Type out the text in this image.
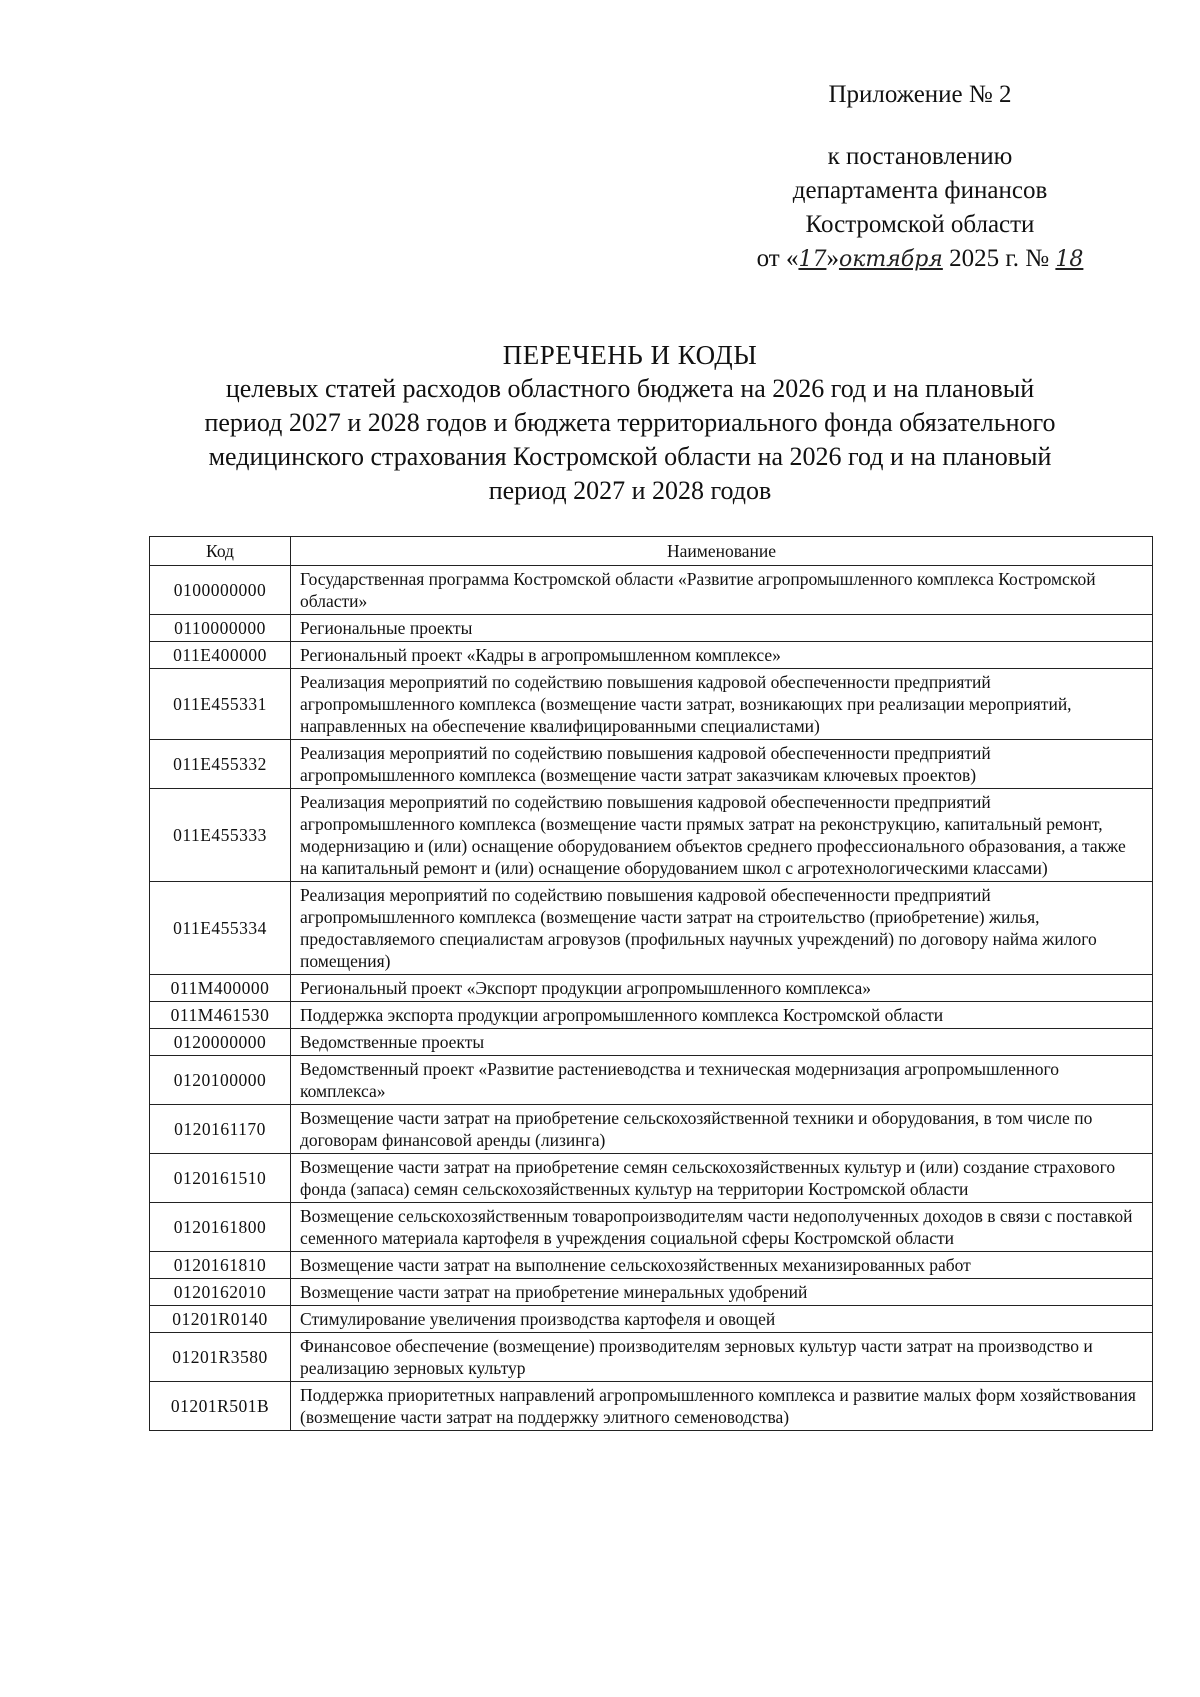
Приложение № 2
к постановлению
департамента финансов
Костромской области
от «17»октября 2025 г. № 18
ПЕРЕЧЕНЬ И КОДЫ
целевых статей расходов областного бюджета на 2026 год и на плановый
период 2027 и 2028 годов и бюджета территориального фонда обязательного
медицинского страхования Костромской области на 2026 год и на плановый
период 2027 и 2028 годов
Код	Наименование
0100000000	Государственная программа Костромской области «Развитие агропромышленного комплекса Костромской области»
0110000000	Региональные проекты
011E400000	Региональный проект «Кадры в агропромышленном комплексе»
011E455331	Реализация мероприятий по содействию повышения кадровой обеспеченности предприятий агропромышленного комплекса (возмещение части затрат, возникающих при реализации мероприятий, направленных на обеспечение квалифицированными специалистами)
011E455332	Реализация мероприятий по содействию повышения кадровой обеспеченности предприятий агропромышленного комплекса (возмещение части затрат заказчикам ключевых проектов)
011E455333	Реализация мероприятий по содействию повышения кадровой обеспеченности предприятий агропромышленного комплекса (возмещение части прямых затрат на реконструкцию, капитальный ремонт, модернизацию и (или) оснащение оборудованием объектов среднего профессионального образования, а также на капитальный ремонт и (или) оснащение оборудованием школ с агротехнологическими классами)
011E455334	Реализация мероприятий по содействию повышения кадровой обеспеченности предприятий агропромышленного комплекса (возмещение части затрат на строительство (приобретение) жилья, предоставляемого специалистам агровузов (профильных научных учреждений) по договору найма жилого помещения)
011M400000	Региональный проект «Экспорт продукции агропромышленного комплекса»
011M461530	Поддержка экспорта продукции агропромышленного комплекса Костромской области
0120000000	Ведомственные проекты
0120100000	Ведомственный проект «Развитие растениеводства и техническая модернизация агропромышленного комплекса»
0120161170	Возмещение части затрат на приобретение сельскохозяйственной техники и оборудования, в том числе по договорам финансовой аренды (лизинга)
0120161510	Возмещение части затрат на приобретение семян сельскохозяйственных культур и (или) создание страхового фонда (запаса) семян сельскохозяйственных культур на территории Костромской области
0120161800	Возмещение сельскохозяйственным товаропроизводителям части недополученных доходов в связи с поставкой семенного материала картофеля в учреждения социальной сферы Костромской области
0120161810	Возмещение части затрат на выполнение сельскохозяйственных механизированных работ
0120162010	Возмещение части затрат на приобретение минеральных удобрений
01201R0140	Стимулирование увеличения производства картофеля и овощей
01201R3580	Финансовое обеспечение (возмещение) производителям зерновых культур части затрат на производство и реализацию зерновых культур
01201R501B	Поддержка приоритетных направлений агропромышленного комплекса и развитие малых форм хозяйствования (возмещение части затрат на поддержку элитного семеноводства)
